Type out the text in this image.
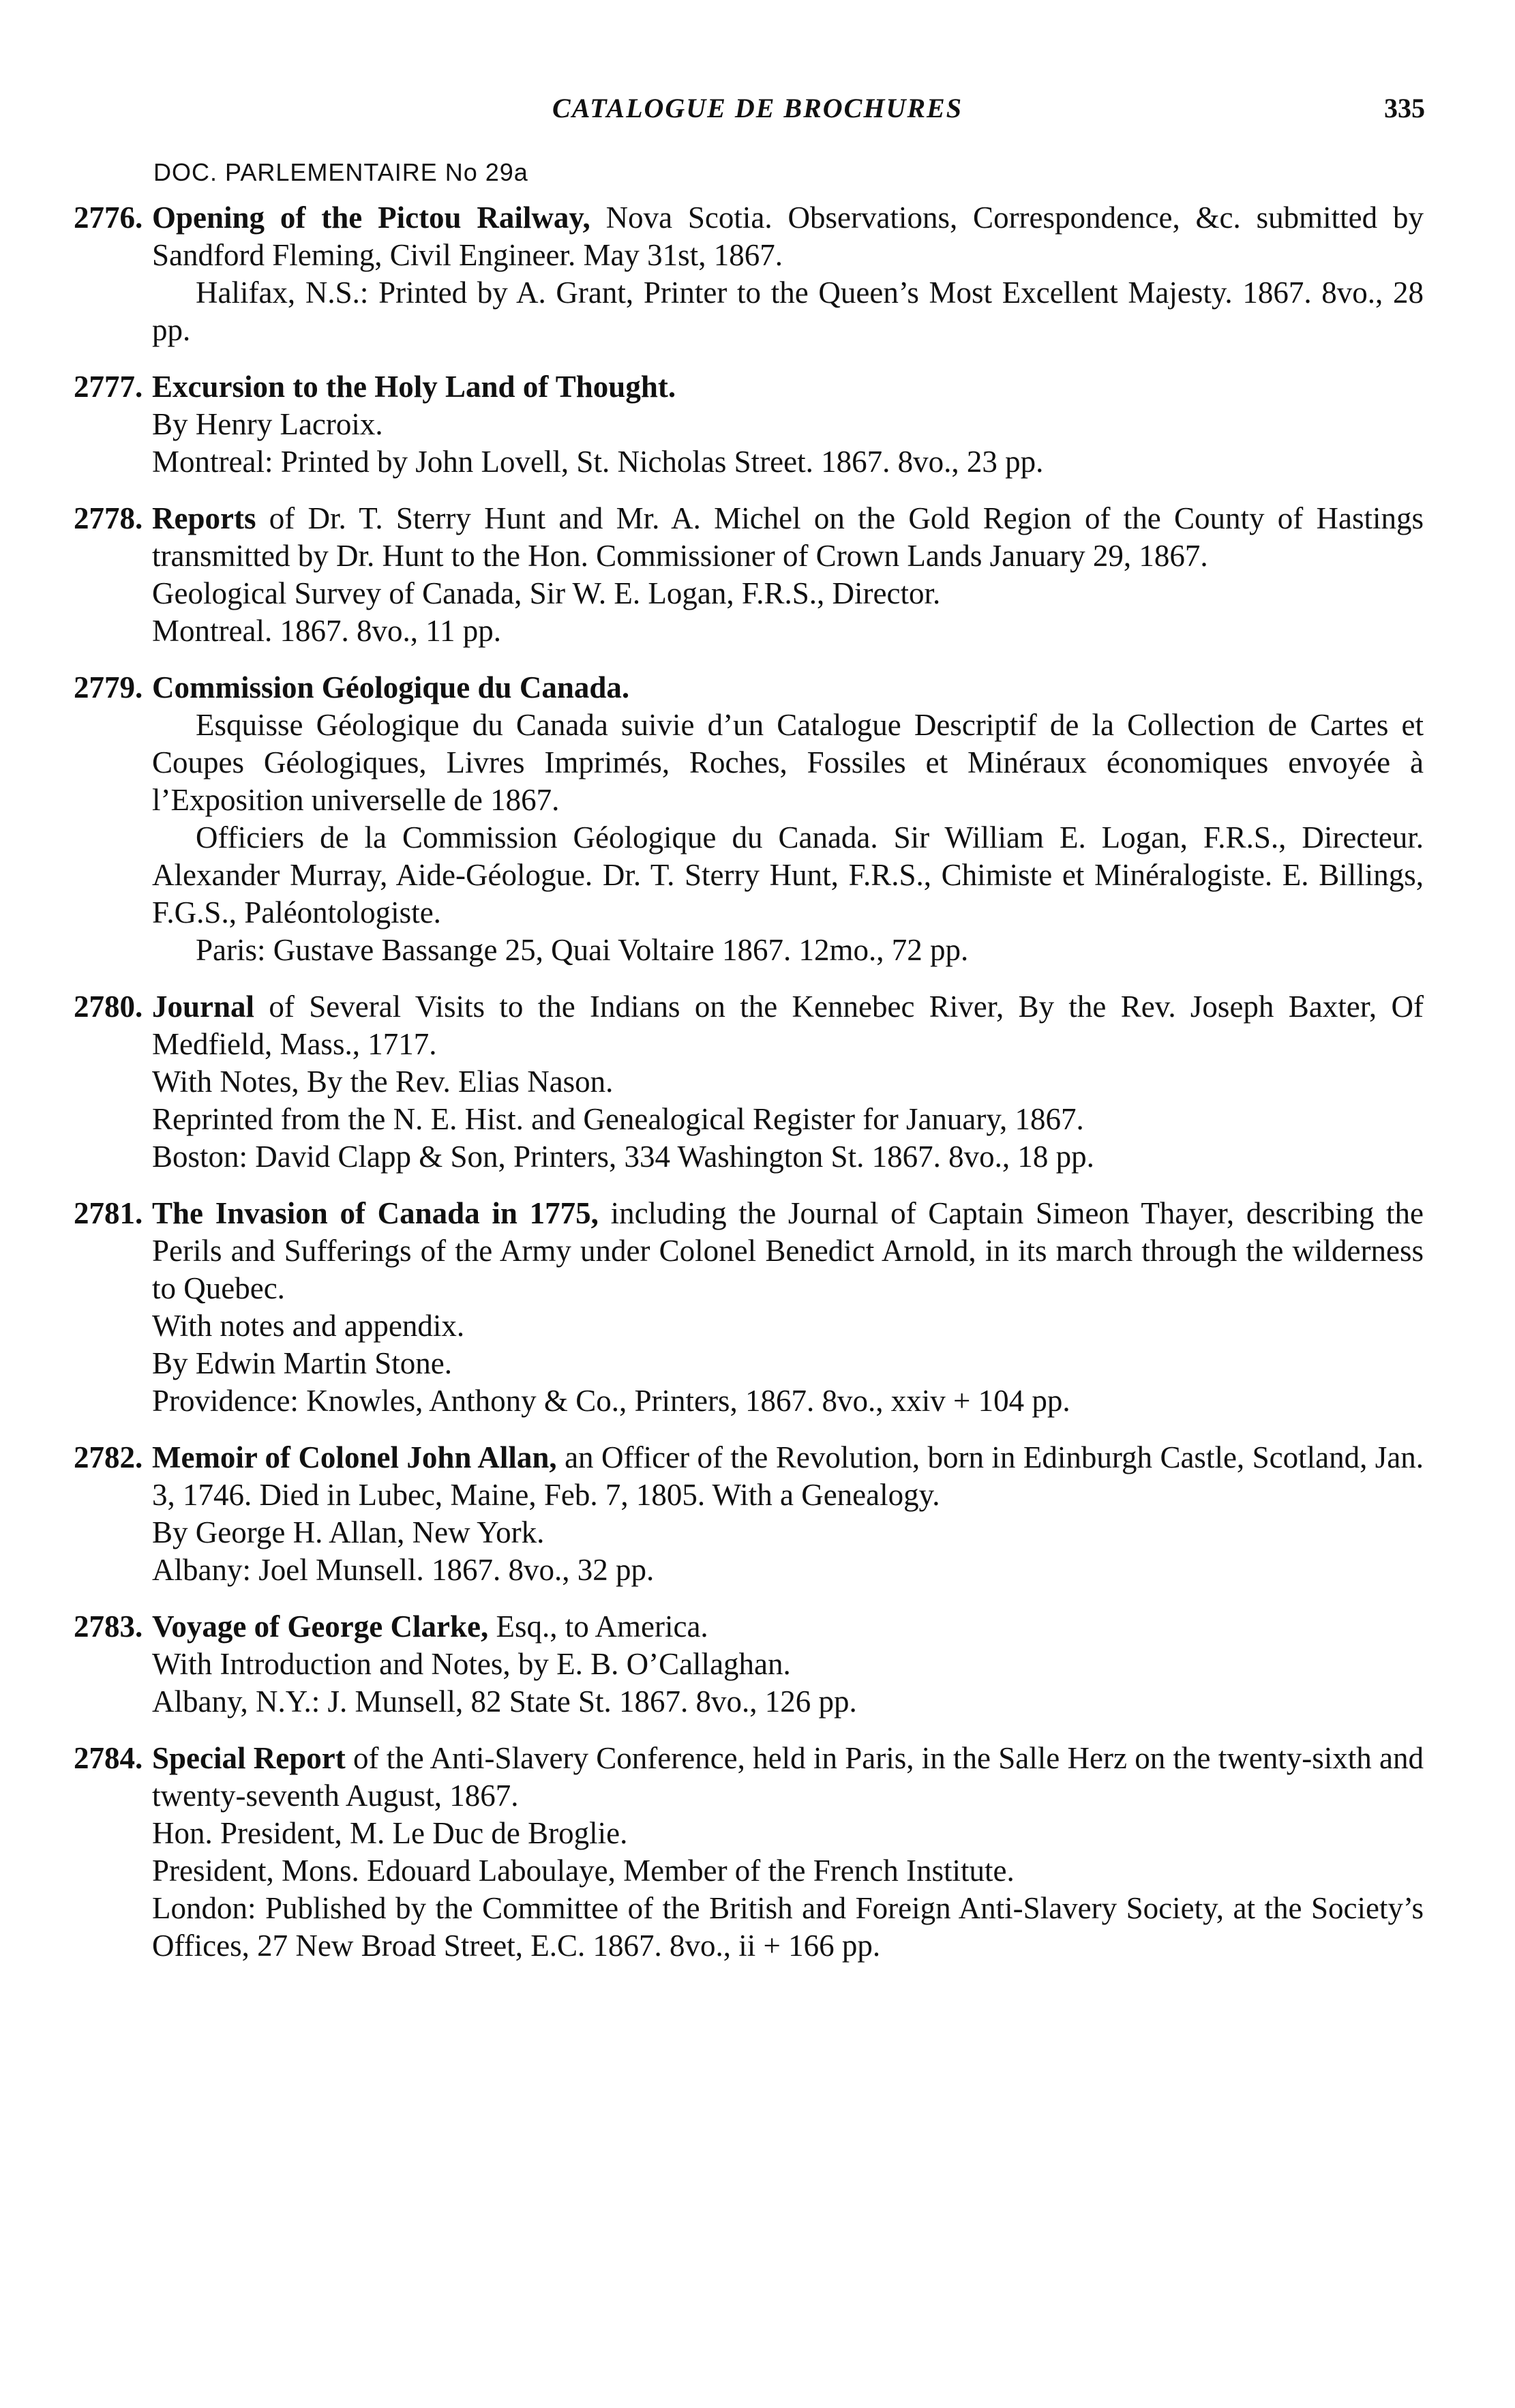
CATALOGUE DE BROCHURES	335
DOC. PARLEMENTAIRE No 29a

2776. Opening of the Pictou Railway, Nova Scotia. Observations, Correspondence, &c. submitted by Sandford Fleming, Civil Engineer. May 31st, 1867.

Halifax, N.S.: Printed by A. Grant, Printer to the Queen’s Most Excellent Majesty. 1867. 8vo., 28 pp.

2777. Excursion to the Holy Land of Thought.

By Henry Lacroix.

Montreal: Printed by John Lovell, St. Nicholas Street. 1867. 8vo., 23 pp.

2778. Reports of Dr. T. Sterry Hunt and Mr. A. Michel on the Gold Region of the County of Hastings transmitted by Dr. Hunt to the Hon. Commissioner of Crown Lands January 29, 1867.

Geological Survey of Canada, Sir W. E. Logan, F.R.S., Director.

Montreal. 1867. 8vo., 11 pp.

2779. Commission Géologique du Canada.

Esquisse Géologique du Canada suivie d’un Catalogue Descriptif de la Collection de Cartes et Coupes Géologiques, Livres Imprimés, Roches, Fossiles et Minéraux économiques envoyée à l’Exposition universelle de 1867.

Officiers de la Commission Géologique du Canada. Sir William E. Logan, F.R.S., Directeur. Alexander Murray, Aide-Géologue. Dr. T. Sterry Hunt, F.R.S., Chimiste et Minéralogiste. E. Billings, F.G.S., Paléontologiste.

Paris: Gustave Bassange 25, Quai Voltaire 1867. 12mo., 72 pp.

2780. Journal of Several Visits to the Indians on the Kennebec River, By the Rev. Joseph Baxter, Of Medfield, Mass., 1717.

With Notes, By the Rev. Elias Nason.

Reprinted from the N. E. Hist. and Genealogical Register for January, 1867.

Boston: David Clapp & Son, Printers, 334 Washington St. 1867. 8vo., 18 pp.

2781. The Invasion of Canada in 1775, including the Journal of Captain Simeon Thayer, describing the Perils and Sufferings of the Army under Colonel Benedict Arnold, in its march through the wilderness to Quebec.

With notes and appendix.

By Edwin Martin Stone.

Providence: Knowles, Anthony & Co., Printers, 1867. 8vo., xxiv + 104 pp.

2782. Memoir of Colonel John Allan, an Officer of the Revolution, born in Edinburgh Castle, Scotland, Jan. 3, 1746. Died in Lubec, Maine, Feb. 7, 1805. With a Genealogy.

By George H. Allan, New York.

Albany: Joel Munsell. 1867. 8vo., 32 pp.

2783. Voyage of George Clarke, Esq., to America.

With Introduction and Notes, by E. B. O’Callaghan.

Albany, N.Y.: J. Munsell, 82 State St. 1867. 8vo., 126 pp.

2784. Special Report of the Anti-Slavery Conference, held in Paris, in the Salle Herz on the twenty-sixth and twenty-seventh August, 1867.

Hon. President, M. Le Duc de Broglie.

President, Mons. Edouard Laboulaye, Member of the French Institute.

London: Published by the Committee of the British and Foreign Anti-Slavery Society, at the Society’s Offices, 27 New Broad Street, E.C. 1867. 8vo., ii + 166 pp.
